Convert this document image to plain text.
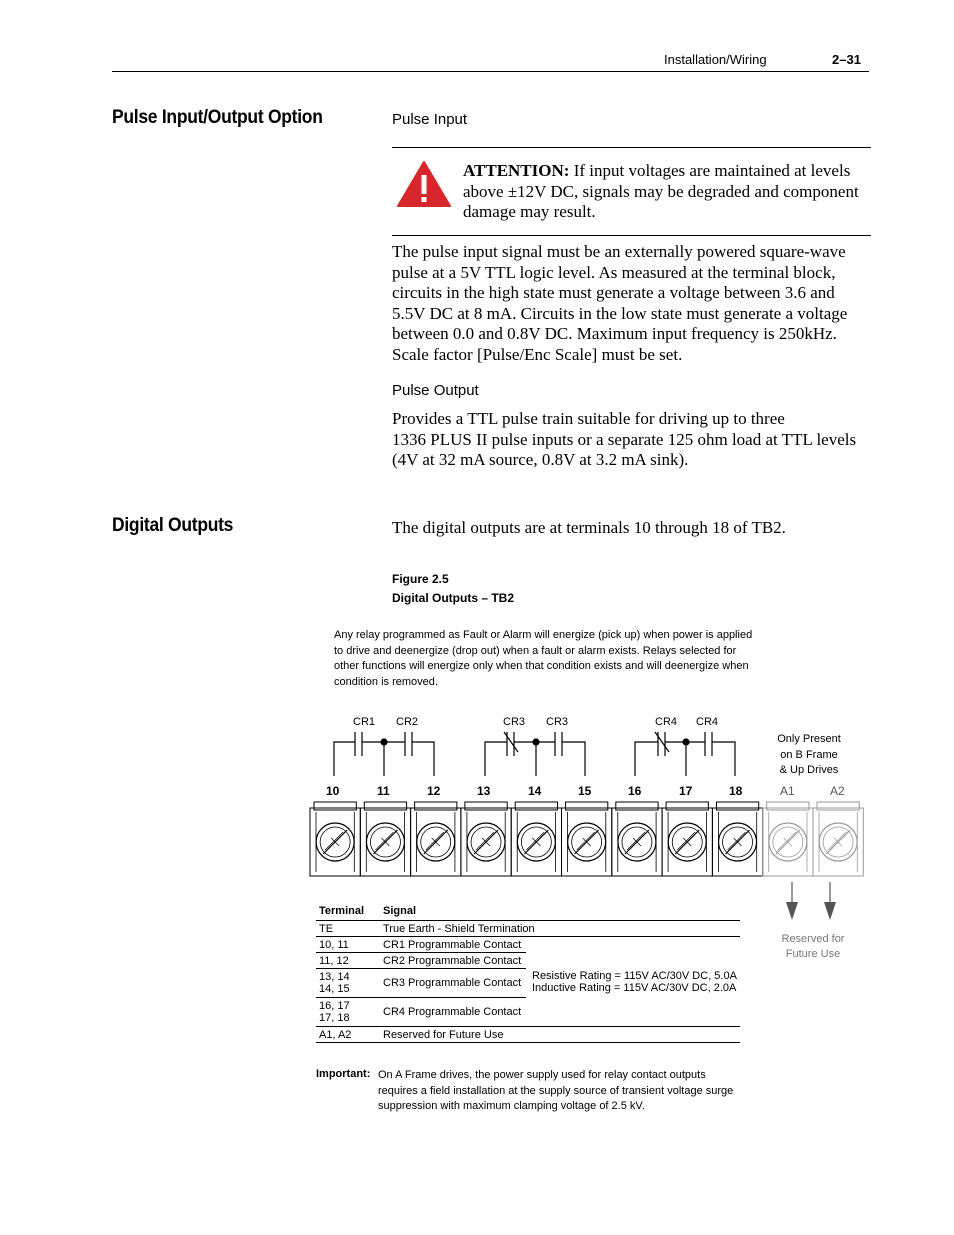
Installation/Wiring	2–31
Pulse Input/Output Option	Pulse Input
ATTENTION: If input voltages are maintained at levels
above ±12V DC, signals may be degraded and component
damage may result.
The pulse input signal must be an externally powered square-wave
pulse at a 5V TTL logic level. As measured at the terminal block,
circuits in the high state must generate a voltage between 3.6 and
5.5V DC at 8 mA. Circuits in the low state must generate a voltage
between 0.0 and 0.8V DC. Maximum input frequency is 250kHz.
Scale factor [Pulse/Enc Scale] must be set.
Pulse Output
Provides a TTL pulse train suitable for driving up to three
1336 PLUS II pulse inputs or a separate 125 ohm load at TTL levels
(4V at 32 mA source, 0.8V at 3.2 mA sink).
Digital Outputs	The digital outputs are at terminals 10 through 18 of TB2.
Figure 2.5
Digital Outputs – TB2
Any relay programmed as Fault or Alarm will energize (pick up) when power is applied
to drive and deenergize (drop out) when a fault or alarm exists. Relays selected for
other functions will energize only when that condition exists and will deenergize when
condition is removed.
CR1 CR2	CR3 CR3	CR4 CR4
Only Present
on B Frame
& Up Drives
10	11	12	13	14	15	16	17	18	A1	A2
Reserved for
Future Use
Terminal	Signal	
TE	True Earth - Shield Termination	
10, 11	CR1 Programmable Contact	Resistive Rating = 115V AC/30V DC, 5.0A
Inductive Rating = 115V AC/30V DC, 2.0A

11, 12	CR2 Programmable Contact	
13, 14
14, 15	CR3 Programmable Contact	
16, 17
17, 18	CR4 Programmable Contact	
A1, A2	Reserved for Future Use	
Important: On A Frame drives, the power supply used for relay contact outputs
requires a field installation at the supply source of transient voltage surge
suppression with maximum clamping voltage of 2.5 kV.
